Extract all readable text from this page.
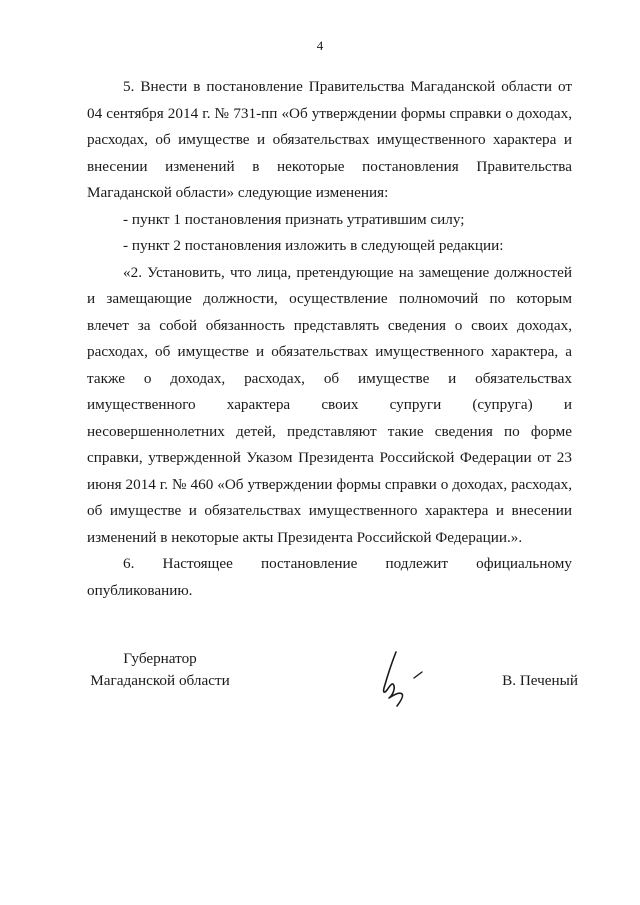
4

5. Внести в постановление Правительства Магаданской области от 04 сентября 2014 г. № 731-пп «Об утверждении формы справки о доходах, расходах, об имуществе и обязательствах имущественного характера и внесении изменений в некоторые постановления Правительства Магаданской области» следующие изменения:

- пункт 1 постановления признать утратившим силу;

- пункт 2 постановления изложить в следующей редакции:

«2. Установить, что лица, претендующие на замещение должностей и замещающие должности, осуществление полномочий по которым влечет за собой обязанность представлять сведения о своих доходах, расходах, об имуществе и обязательствах имущественного характера, а также о доходах, расходах, об имуществе и обязательствах имущественного характера своих супруги (супруга) и несовершеннолетних детей, представляют такие сведения по форме справки, утвержденной Указом Президента Российской Федерации от 23 июня 2014 г. № 460 «Об утверждении формы справки о доходах, расходах, об имуществе и обязательствах имущественного характера и внесении изменений в некоторые акты Президента Российской Федерации.».

6. Настоящее постановление подлежит официальному опубликованию.

Губернатор
Магаданской области	В. Печеный
